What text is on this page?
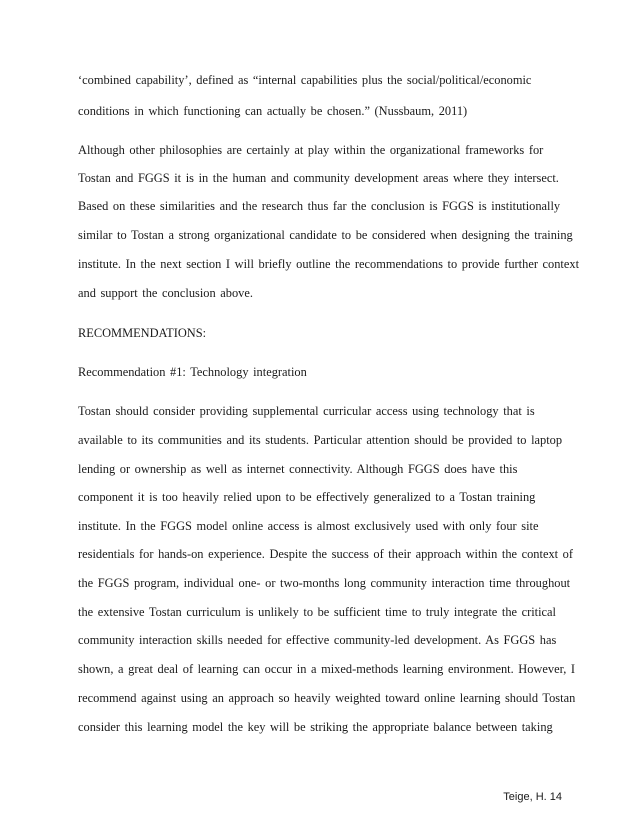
‘combined capability’, defined as “internal capabilities plus the social/political/economic
conditions in which functioning can actually be chosen.” (Nussbaum, 2011)
Although other philosophies are certainly at play within the organizational frameworks for
Tostan and FGGS it is in the human and community development areas where they intersect.
Based on these similarities and the research thus far the conclusion is FGGS is institutionally
similar to Tostan a strong organizational candidate to be considered when designing the training
institute. In the next section I will briefly outline the recommendations to provide further context
and support the conclusion above.
RECOMMENDATIONS:
Recommendation #1: Technology integration
Tostan should consider providing supplemental curricular access using technology that is
available to its communities and its students. Particular attention should be provided to laptop
lending or ownership as well as internet connectivity. Although FGGS does have this
component it is too heavily relied upon to be effectively generalized to a Tostan training
institute. In the FGGS model online access is almost exclusively used with only four site
residentials for hands-on experience. Despite the success of their approach within the context of
the FGGS program, individual one- or two-months long community interaction time throughout
the extensive Tostan curriculum is unlikely to be sufficient time to truly integrate the critical
community interaction skills needed for effective community-led development. As FGGS has
shown, a great deal of learning can occur in a mixed-methods learning environment. However, I
recommend against using an approach so heavily weighted toward online learning should Tostan
consider this learning model the key will be striking the appropriate balance between taking
Teige, H. 14
